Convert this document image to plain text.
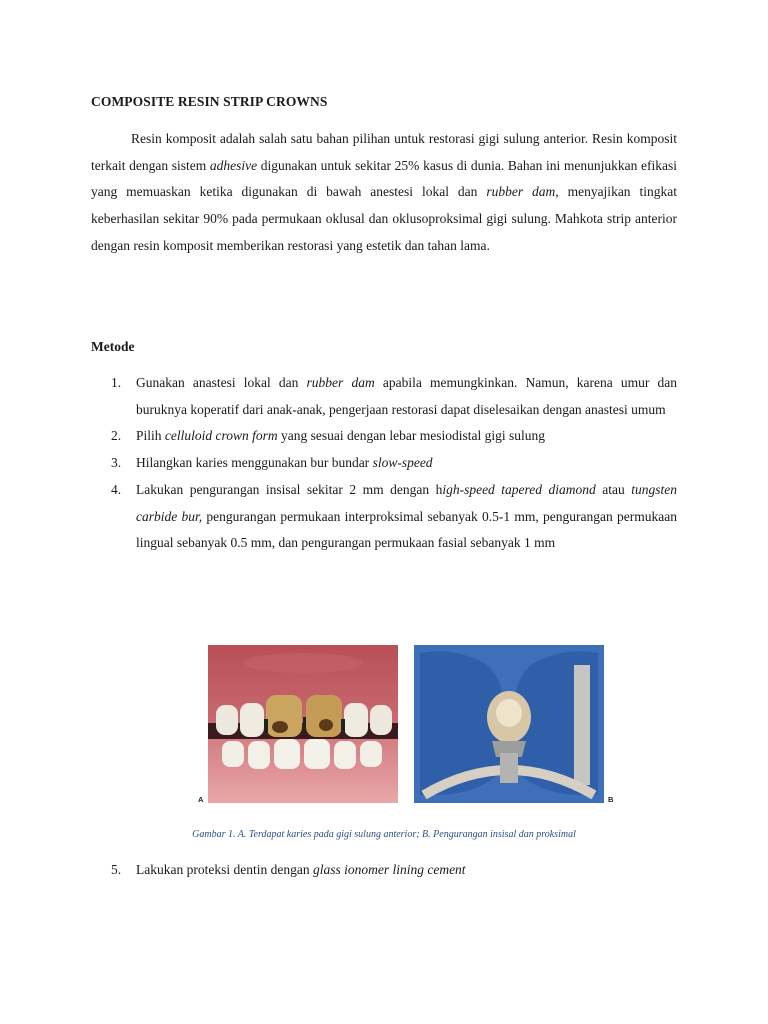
COMPOSITE RESIN STRIP CROWNS

Resin komposit adalah salah satu bahan pilihan untuk restorasi gigi sulung anterior. Resin komposit terkait dengan sistem adhesive digunakan untuk sekitar 25% kasus di dunia. Bahan ini menunjukkan efikasi yang memuaskan ketika digunakan di bawah anestesi lokal dan rubber dam, menyajikan tingkat keberhasilan sekitar 90% pada permukaan oklusal dan oklusoproksimal gigi sulung. Mahkota strip anterior dengan resin komposit memberikan restorasi yang estetik dan tahan lama.

Metode
1. Gunakan anastesi lokal dan rubber dam apabila memungkinkan. Namun, karena umur dan buruknya koperatif dari anak-anak, pengerjaan restorasi dapat diselesaikan dengan anastesi umum
2. Pilih celluloid crown form yang sesuai dengan lebar mesiodistal gigi sulung
3. Hilangkan karies menggunakan bur bundar slow-speed
4. Lakukan pengurangan insisal sekitar 2 mm dengan high-speed tapered diamond atau tungsten carbide bur, pengurangan permukaan interproksimal sebanyak 0.5-1 mm, pengurangan permukaan lingual sebanyak 0.5 mm, dan pengurangan permukaan fasial sebanyak 1 mm
A	B
Gambar 1. A. Terdapat karies pada gigi sulung anterior; B. Pengurangan insisal dan proksimal
5. Lakukan proteksi dentin dengan glass ionomer lining cement
